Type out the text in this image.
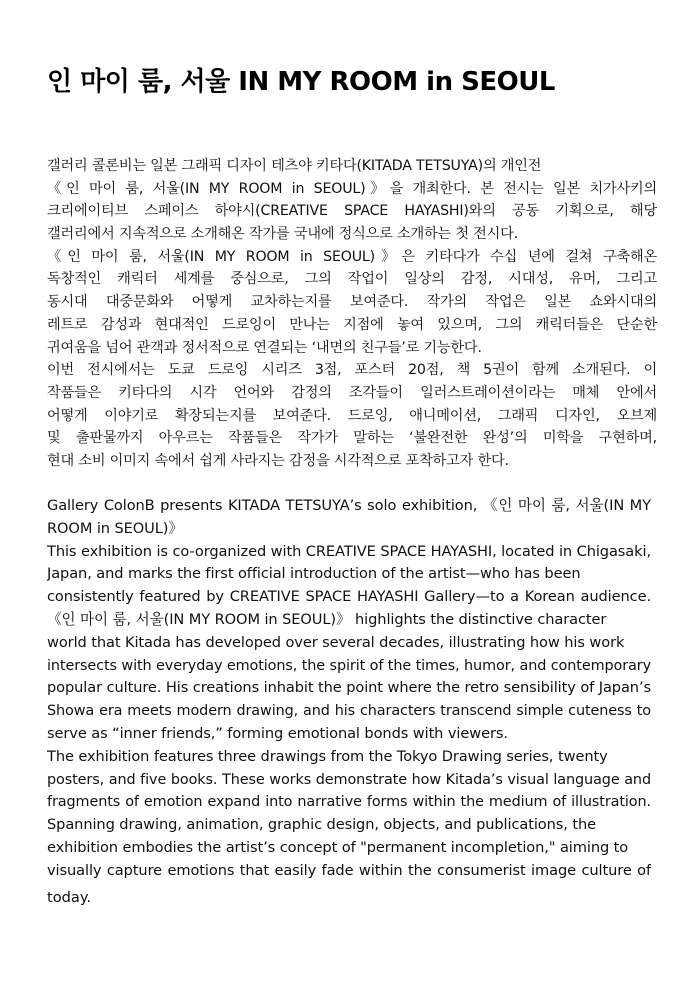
인 마이 룸, 서울 IN MY ROOM in SEOUL
갤러리 콜론비는 일본 그래픽 디자이 테츠야 키타다(KITADA TETSUYA)의 개인전
《인 마이 룸, 서울(IN MY ROOM in SEOUL)》을 개최한다. 본 전시는 일본 치가사키의
크리에이티브 스페이스 하야시(CREATIVE SPACE HAYASHI)와의 공동 기획으로, 해당
갤러리에서 지속적으로 소개해온 작가를 국내에 정식으로 소개하는 첫 전시다.
《인 마이 룸, 서울(IN MY ROOM in SEOUL)》은 키타다가 수십 년에 걸쳐 구축해온
독창적인 캐릭터 세계를 중심으로, 그의 작업이 일상의 감정, 시대성, 유머, 그리고
동시대 대중문화와 어떻게 교차하는지를 보여준다. 작가의 작업은 일본 쇼와시대의
레트로 감성과 현대적인 드로잉이 만나는 지점에 놓여 있으며, 그의 캐릭터들은 단순한
귀여움을 넘어 관객과 정서적으로 연결되는 ‘내면의 친구들’로 기능한다.
이번 전시에서는 도쿄 드로잉 시리즈 3점, 포스터 20점, 책 5권이 함께 소개된다. 이
작품들은 키타다의 시각 언어와 감정의 조각들이 일러스트레이션이라는 매체 안에서
어떻게 이야기로 확장되는지를 보여준다. 드로잉, 애니메이션, 그래픽 디자인, 오브제
및 출판물까지 아우르는 작품들은 작가가 말하는 ‘불완전한 완성’의 미학을 구현하며,
현대 소비 이미지 속에서 쉽게 사라지는 감정을 시각적으로 포착하고자 한다.
Gallery ColonB presents KITADA TETSUYA’s solo exhibition, 《인 마이 룸, 서울(IN MY
ROOM in SEOUL)》
This exhibition is co-organized with CREATIVE SPACE HAYASHI, located in Chigasaki,
Japan, and marks the first official introduction of the artist—who has been
consistently featured by CREATIVE SPACE HAYASHI Gallery—to a Korean audience.
《인 마이 룸, 서울(IN MY ROOM in SEOUL)》 highlights the distinctive character
world that Kitada has developed over several decades, illustrating how his work
intersects with everyday emotions, the spirit of the times, humor, and contemporary
popular culture. His creations inhabit the point where the retro sensibility of Japan’s
Showa era meets modern drawing, and his characters transcend simple cuteness to
serve as “inner friends,” forming emotional bonds with viewers.
The exhibition features three drawings from the Tokyo Drawing series, twenty
posters, and five books. These works demonstrate how Kitada’s visual language and
fragments of emotion expand into narrative forms within the medium of illustration.
Spanning drawing, animation, graphic design, objects, and publications, the
exhibition embodies the artist’s concept of "permanent incompletion," aiming to
visually capture emotions that easily fade within the consumerist image culture of
today.
